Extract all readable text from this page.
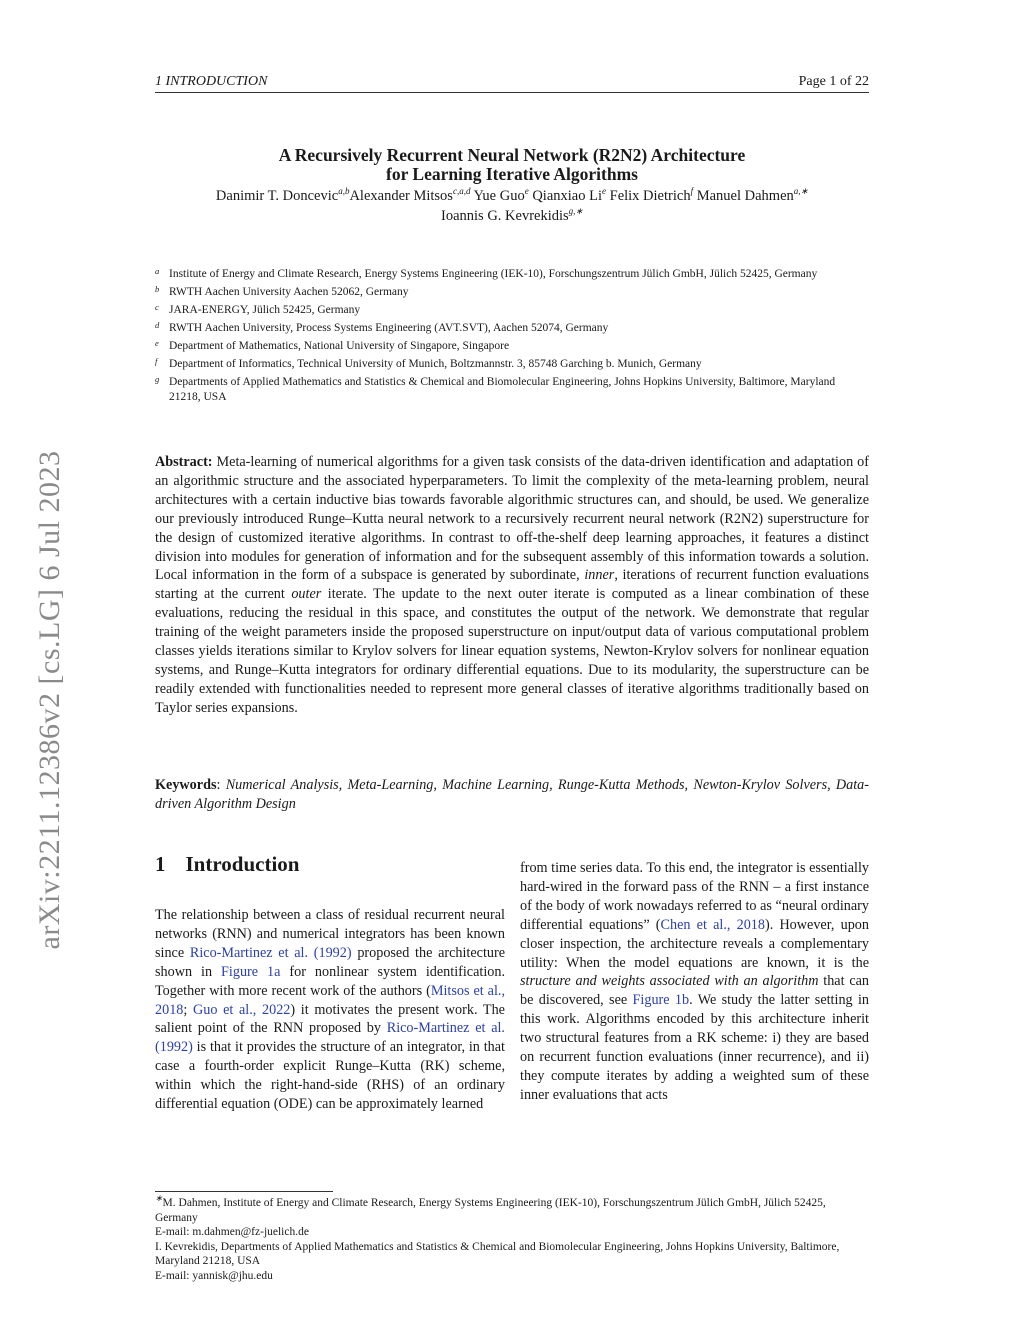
arXiv:2211.12386v2 [cs.LG] 6 Jul 2023
1 INTRODUCTION	Page 1 of 22
A Recursively Recurrent Neural Network (R2N2) Architecture
for Learning Iterative Algorithms
Danimir T. Doncevic$^{a,b}$Alexander Mitsos$^{c,a,d}$ Yue Guo$^e$ Qianxiao Li$^e$ Felix Dietrich$^f$ Manuel Dahmen$^{a,∗}$
Ioannis G. Kevrekidis$^{g,∗}$
a Institute of Energy and Climate Research, Energy Systems Engineering (IEK-10), Forschungszentrum Jülich GmbH, Jülich 52425, Germany
b RWTH Aachen University Aachen 52062, Germany
c JARA-ENERGY, Jülich 52425, Germany
d RWTH Aachen University, Process Systems Engineering (AVT.SVT), Aachen 52074, Germany
e Department of Mathematics, National University of Singapore, Singapore
f Department of Informatics, Technical University of Munich, Boltzmannstr. 3, 85748 Garching b. Munich, Germany
g Departments of Applied Mathematics and Statistics & Chemical and Biomolecular Engineering, Johns Hopkins University, Baltimore, Maryland 21218, USA
Abstract: Meta-learning of numerical algorithms for a given task consists of the data-driven identification and adaptation of an algorithmic structure and the associated hyperparameters. To limit the complexity of the meta-learning problem, neural architectures with a certain inductive bias towards favorable algorithmic structures can, and should, be used. We generalize our previously introduced Runge–Kutta neural network to a recursively recurrent neural network (R2N2) superstructure for the design of customized iterative algorithms. In contrast to off-the-shelf deep learning approaches, it features a distinct division into modules for generation of information and for the subsequent assembly of this information towards a solution. Local information in the form of a subspace is generated by subordinate, inner, iterations of recurrent function evaluations starting at the current outer iterate. The update to the next outer iterate is computed as a linear combination of these evaluations, reducing the residual in this space, and constitutes the output of the network. We demonstrate that regular training of the weight parameters inside the proposed superstructure on input/output data of various computational problem classes yields iterations similar to Krylov solvers for linear equation systems, Newton-Krylov solvers for nonlinear equation systems, and Runge–Kutta integrators for ordinary differential equations. Due to its modularity, the superstructure can be readily extended with functionalities needed to represent more general classes of iterative algorithms traditionally based on Taylor series expansions.
Keywords: Numerical Analysis, Meta-Learning, Machine Learning, Runge-Kutta Methods, Newton-Krylov Solvers, Data-driven Algorithm Design
1 Introduction
The relationship between a class of residual recurrent neural networks (RNN) and numerical integrators has been known since Rico-Martinez et al. (1992) proposed the architecture shown in Figure 1a for nonlinear system identification. Together with more recent work of the authors (Mitsos et al., 2018; Guo et al., 2022) it motivates the present work. The salient point of the RNN proposed by Rico-Martinez et al. (1992) is that it provides the structure of an integrator, in that case a fourth-order explicit Runge–Kutta (RK) scheme, within which the right-hand-side (RHS) of an ordinary differential equation (ODE) can be approximately learned
from time series data. To this end, the integrator is essentially hard-wired in the forward pass of the RNN – a first instance of the body of work nowadays referred to as “neural ordinary differential equations” (Chen et al., 2018). However, upon closer inspection, the architecture reveals a complementary utility: When the model equations are known, it is the structure and weights associated with an algorithm that can be discovered, see Figure 1b. We study the latter setting in this work. Algorithms encoded by this architecture inherit two structural features from a RK scheme: i) they are based on recurrent function evaluations (inner recurrence), and ii) they compute iterates by adding a weighted sum of these inner evaluations that acts
∗M. Dahmen, Institute of Energy and Climate Research, Energy Systems Engineering (IEK-10), Forschungszentrum Jülich GmbH, Jülich 52425, Germany
E-mail: m.dahmen@fz-juelich.de
I. Kevrekidis, Departments of Applied Mathematics and Statistics & Chemical and Biomolecular Engineering, Johns Hopkins University, Baltimore, Maryland 21218, USA
E-mail: yannisk@jhu.edu
